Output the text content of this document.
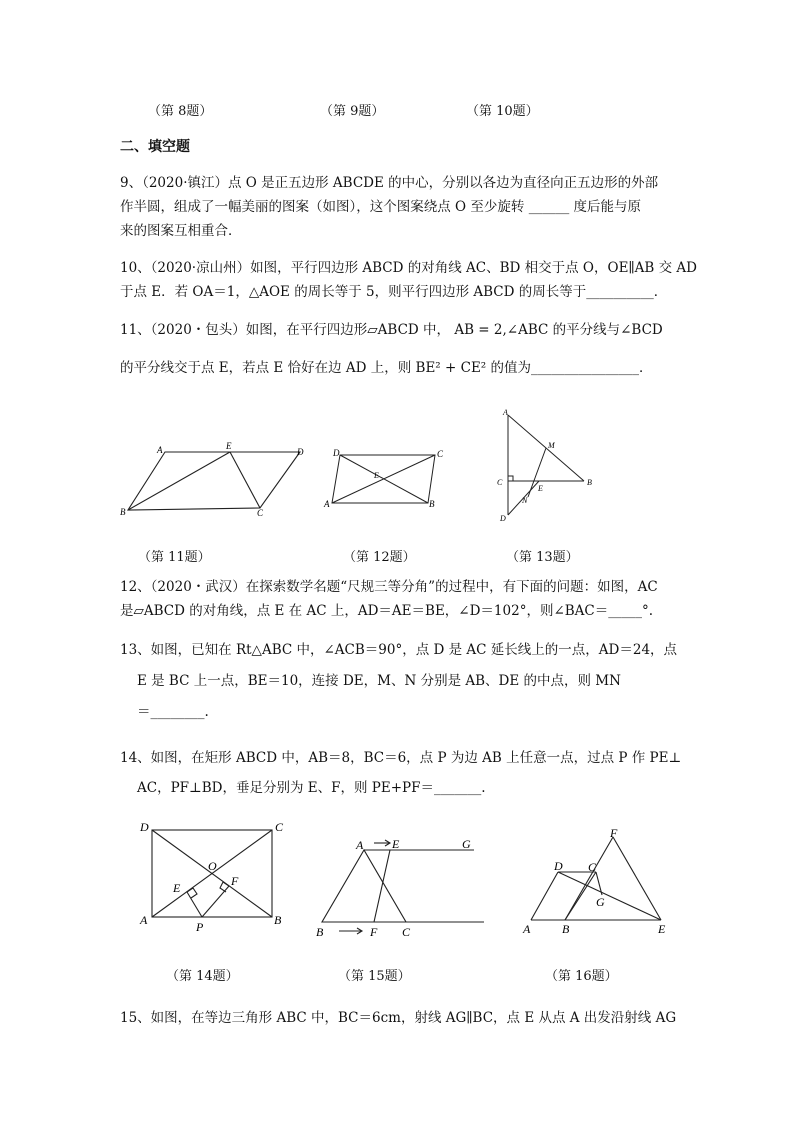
（第 8题）	（第 9题）	（第 10题）
二、填空题
9、（2020·镇江）点 O 是正五边形 ABCDE 的中心，分别以各边为直径向正五边形的外部
作半圆，组成了一幅美丽的图案（如图），这个图案绕点 O 至少旋转 ______ 度后能与原
来的图案互相重合．
10、（2020·凉山州）如图，平行四边形 ABCD 的对角线 AC、BD 相交于点 O，OE∥AB 交 AD
于点 E．若 OA＝1，△AOE 的周长等于 5，则平行四边形 ABCD 的周长等于__________．
11、（2020・包头）如图，在平行四边形▱ABCD 中， AB = 2,∠ABC 的平分线与∠BCD
的平分线交于点 E，若点 E 恰好在边 AD 上，则 BE² + CE² 的值为________________．
A	E
D
B	C
D	C
E
A	B
A
M
C	B
E
N
D
（第 11题）	（第 12题）	（第 13题）
12、（2020・武汉）在探索数学名题“尺规三等分角”的过程中，有下面的问题：如图，AC
是▱ABCD 的对角线，点 E 在 AC 上，AD＝AE＝BE，∠D＝102°，则∠BAC＝_____°.
13、如图，已知在 Rt△ABC 中，∠ACB＝90°，点 D 是 AC 延长线上的一点，AD＝24，点
E 是 BC 上一点，BE＝10，连接 DE，M、N 分别是 AB、DE 的中点，则 MN
＝________.
14、如图，在矩形 ABCD 中，AB＝8，BC＝6，点 P 为边 AB 上任意一点，过点 P 作 PE⊥
AC，PF⊥BD，垂足分别为 E、F，则 PE+PF＝_______.
D	C
O
E	F
A	P	B
A E	G
B	F C
F
D C
G
A	B	E
（第 14题）	（第 15题）	（第 16题）
15、如图，在等边三角形 ABC 中，BC＝6cm，射线 AG∥BC，点 E 从点 A 出发沿射线 AG
